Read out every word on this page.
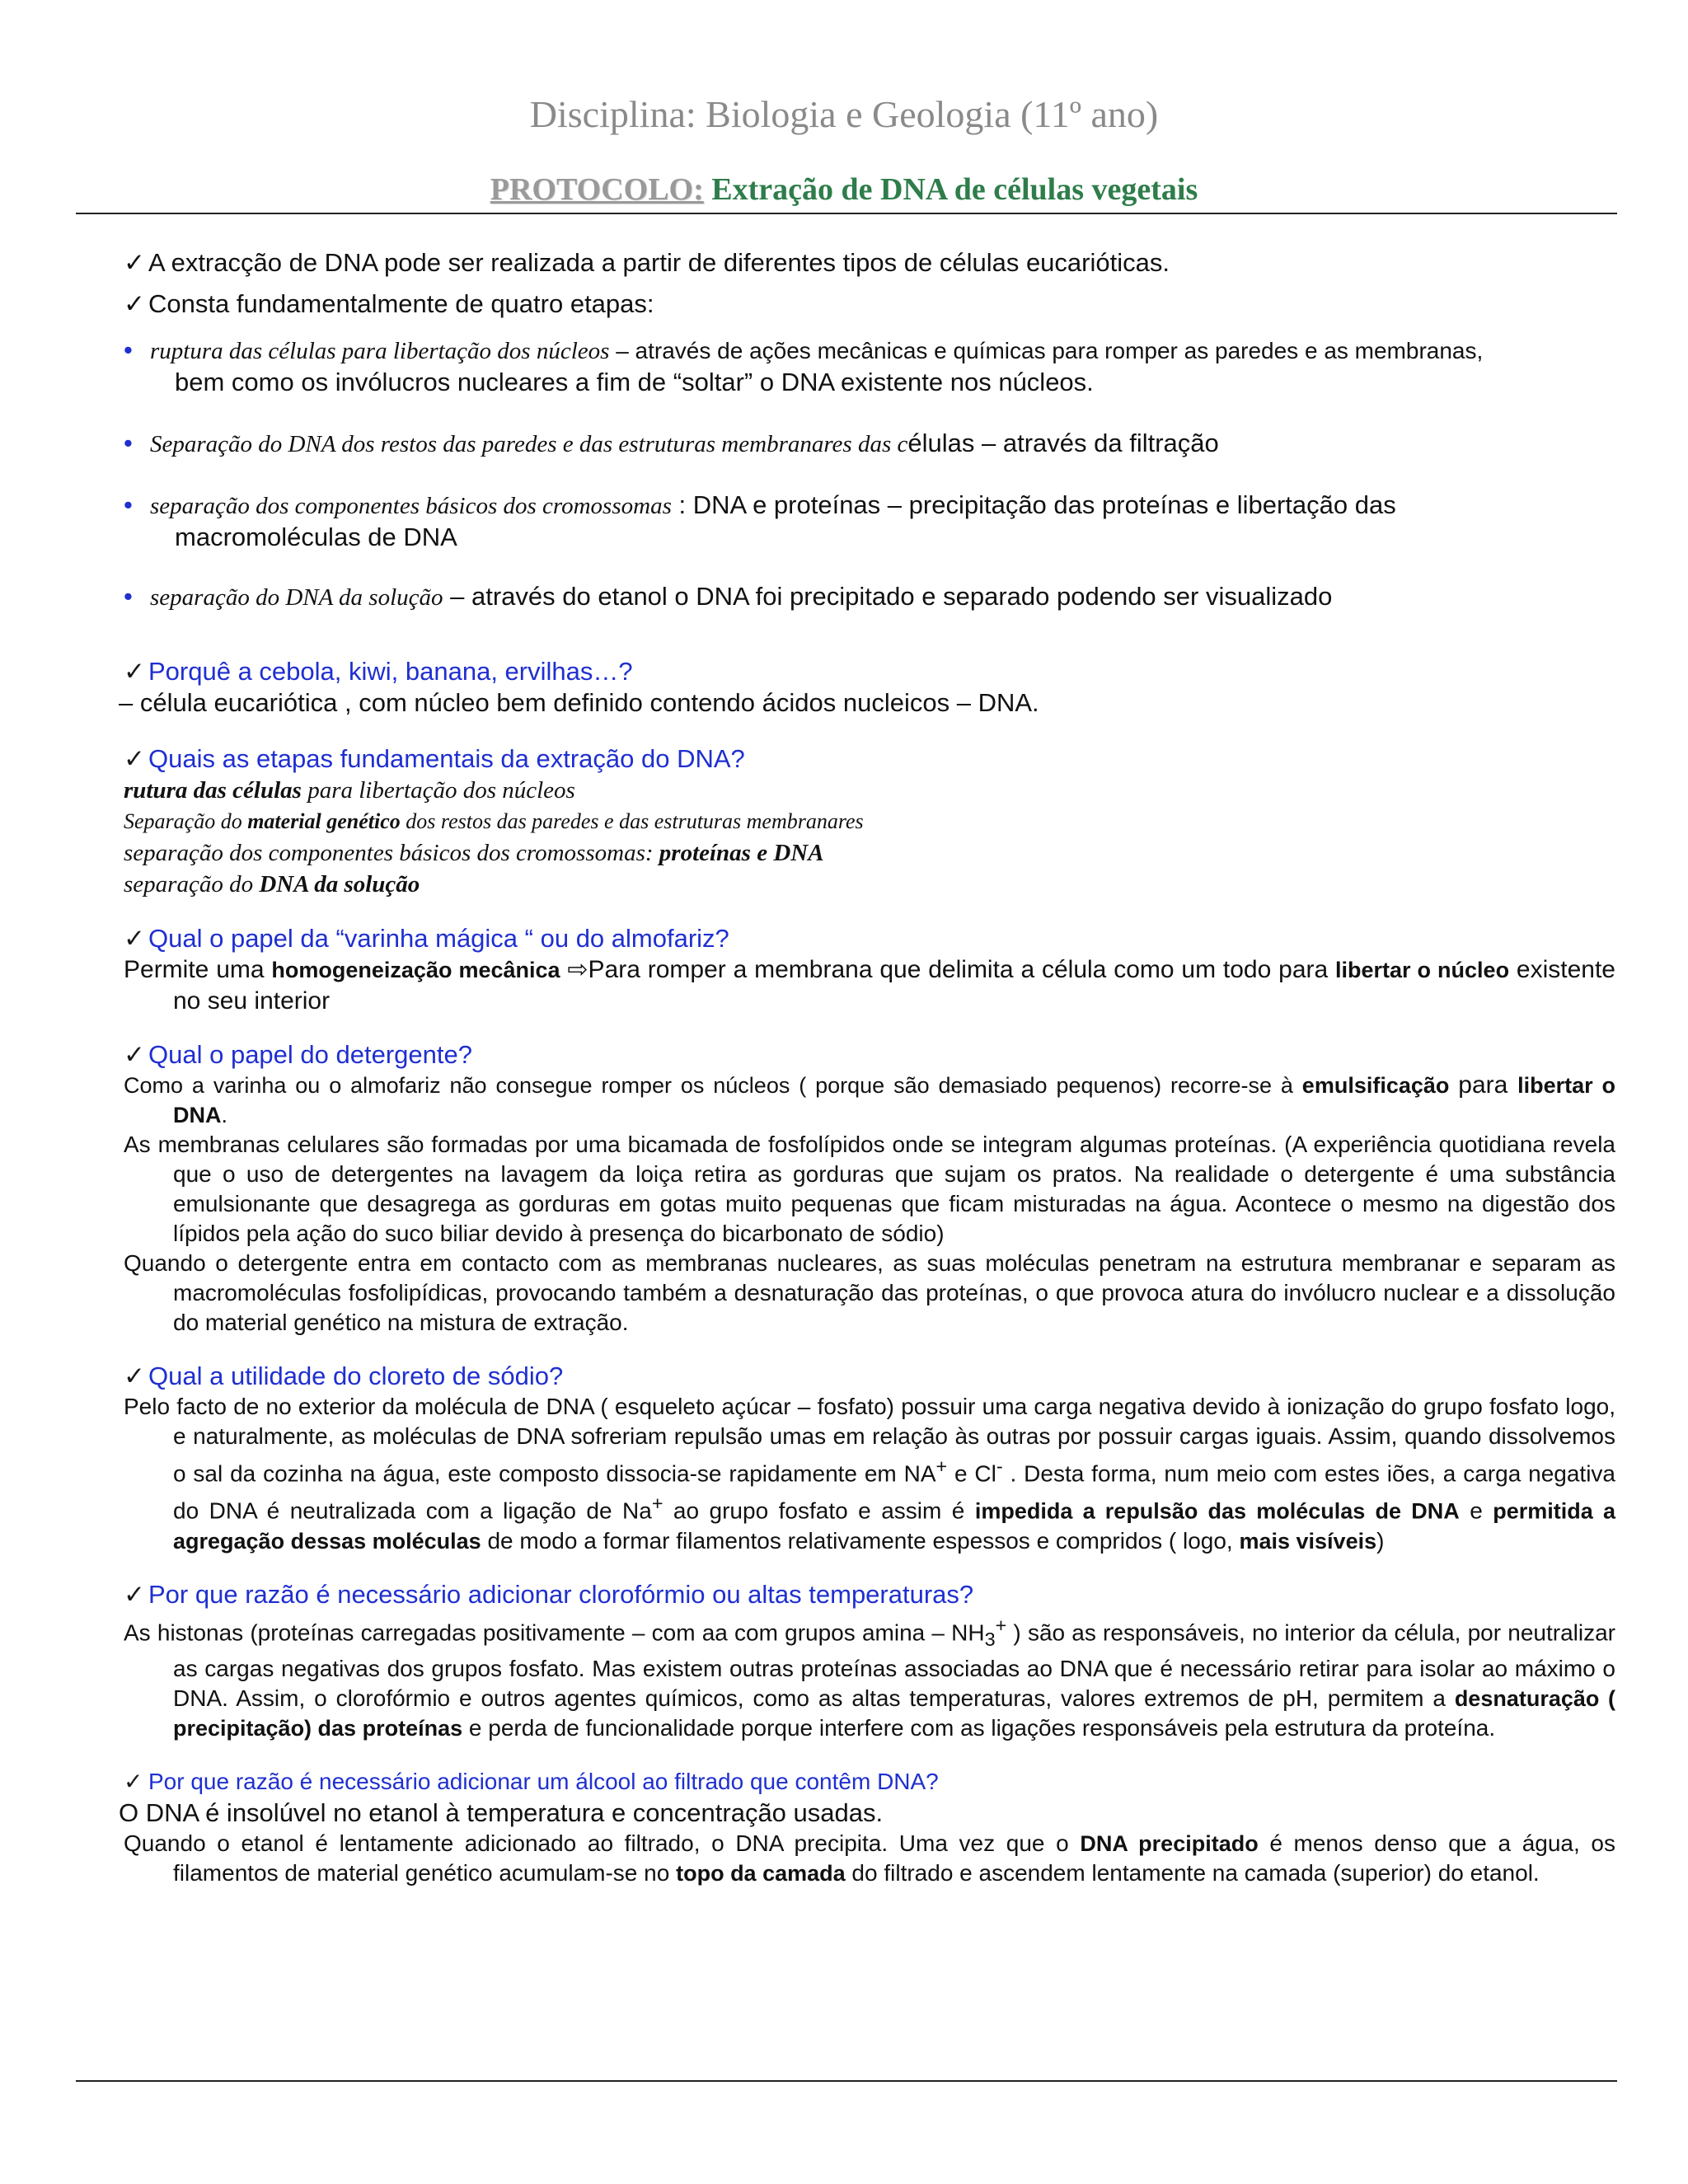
Disciplina: Biologia e Geologia (11º ano)
PROTOCOLO: Extração de DNA de células vegetais

✓ A extracção de DNA pode ser realizada a partir de diferentes tipos de células eucarióticas.

✓ Consta fundamentalmente de quatro etapas:

• ruptura das células para libertação dos núcleos – através de ações mecânicas e químicas para romper as paredes e as membranas,
bem como os invólucros nucleares a fim de “soltar” o DNA existente nos núcleos.
• Separação do DNA dos restos das paredes e das estruturas membranares das células – através da filtração
• separação dos componentes básicos dos cromossomas : DNA e proteínas – precipitação das proteínas e libertação das
macromoléculas de DNA
• separação do DNA da solução – através do etanol o DNA foi precipitado e separado podendo ser visualizado

✓ Porquê a cebola, kiwi, banana, ervilhas…?

– célula eucariótica , com núcleo bem definido contendo ácidos nucleicos – DNA.

✓ Quais as etapas fundamentais da extração do DNA?

rutura das células para libertação dos núcleos

Separação do material genético dos restos das paredes e das estruturas membranares

separação dos componentes básicos dos cromossomas: proteínas e DNA

separação do DNA da solução

✓ Qual o papel da “varinha mágica “ ou do almofariz?

Permite uma homogeneização mecânica ⇨Para romper a membrana que delimita a célula como um todo para libertar o núcleo existente no seu interior

✓ Qual o papel do detergente?

Como a varinha ou o almofariz não consegue romper os núcleos ( porque são demasiado pequenos) recorre-se à emulsificação para libertar o DNA.

As membranas celulares são formadas por uma bicamada de fosfolípidos onde se integram algumas proteínas. (A experiência quotidiana revela que o uso de detergentes na lavagem da loiça retira as gorduras que sujam os pratos. Na realidade o detergente é uma substância emulsionante que desagrega as gorduras em gotas muito pequenas que ficam misturadas na água. Acontece o mesmo na digestão dos lípidos pela ação do suco biliar devido à presença do bicarbonato de sódio)

Quando o detergente entra em contacto com as membranas nucleares, as suas moléculas penetram na estrutura membranar e separam as macromoléculas fosfolipídicas, provocando também a desnaturação das proteínas, o que provoca atura do invólucro nuclear e a dissolução do material genético na mistura de extração.

✓ Qual a utilidade do cloreto de sódio?

Pelo facto de no exterior da molécula de DNA ( esqueleto açúcar – fosfato) possuir uma carga negativa devido à ionização do grupo fosfato logo, e naturalmente, as moléculas de DNA sofreriam repulsão umas em relação às outras por possuir cargas iguais. Assim, quando dissolvemos o sal da cozinha na água, este composto dissocia-se rapidamente em NA+ e Cl- . Desta forma, num meio com estes iões, a carga negativa do DNA é neutralizada com a ligação de Na+ ao grupo fosfato e assim é impedida a repulsão das moléculas de DNA e permitida a agregação dessas moléculas de modo a formar filamentos relativamente espessos e compridos ( logo, mais visíveis)

✓ Por que razão é necessário adicionar clorofórmio ou altas temperaturas?

As histonas (proteínas carregadas positivamente – com aa com grupos amina – $NH_3^+$ ) são as responsáveis, no interior da célula, por neutralizar as cargas negativas dos grupos fosfato. Mas existem outras proteínas associadas ao DNA que é necessário retirar para isolar ao máximo o DNA. Assim, o clorofórmio e outros agentes químicos, como as altas temperaturas, valores extremos de pH, permitem a desnaturação ( precipitação) das proteínas e perda de funcionalidade porque interfere com as ligações responsáveis pela estrutura da proteína.

✓ Por que razão é necessário adicionar um álcool ao filtrado que contêm DNA?

O DNA é insolúvel no etanol à temperatura e concentração usadas.

Quando o etanol é lentamente adicionado ao filtrado, o DNA precipita. Uma vez que o DNA precipitado é menos denso que a água, os filamentos de material genético acumulam-se no topo da camada do filtrado e ascendem lentamente na camada (superior) do etanol.
